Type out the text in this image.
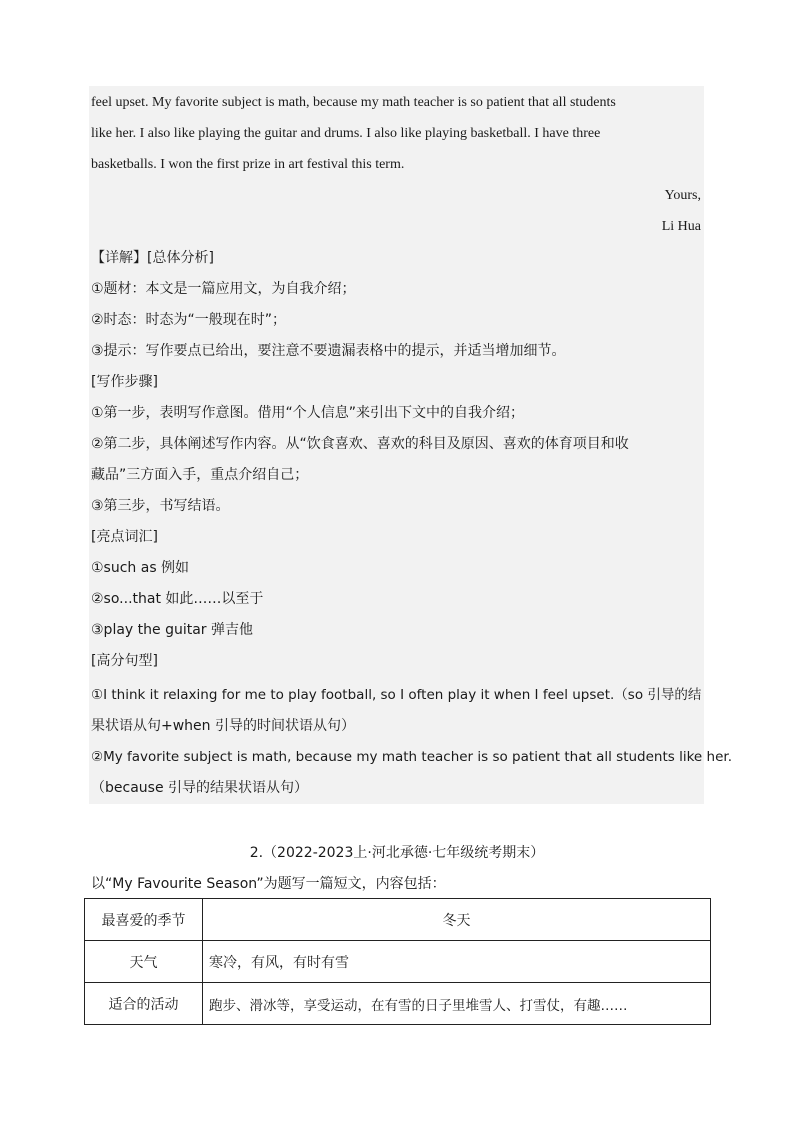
feel upset. My favorite subject is math, because my math teacher is so patient that all students
like her. I also like playing the guitar and drums. I also like playing basketball. I have three
basketballs. I won the first prize in art festival this term.
Yours,
Li Hua
【详解】[总体分析]
①题材：本文是一篇应用文，为自我介绍；
②时态：时态为“一般现在时”；
③提示：写作要点已给出，要注意不要遗漏表格中的提示，并适当增加细节。
[写作步骤]
①第一步，表明写作意图。借用“个人信息”来引出下文中的自我介绍；
②第二步，具体阐述写作内容。从“饮食喜欢、喜欢的科目及原因、喜欢的体育项目和收
藏品”三方面入手，重点介绍自己；
③第三步，书写结语。
[亮点词汇]
①such as 例如
②so...that 如此……以至于
③play the guitar 弹吉他
[高分句型]
①I think it relaxing for me to play football, so I often play it when I feel upset.（so 引导的结
果状语从句+when 引导的时间状语从句）
②My favorite subject is math, because my math teacher is so patient that all students like her.
（because 引导的结果状语从句）
2.（2022-2023上·河北承德·七年级统考期末）
以“My Favourite Season”为题写一篇短文，内容包括：
最喜爱的季节	冬天
天气	寒冷，有风，有时有雪
适合的活动	跑步、滑冰等，享受运动，在有雪的日子里堆雪人、打雪仗，有趣……
